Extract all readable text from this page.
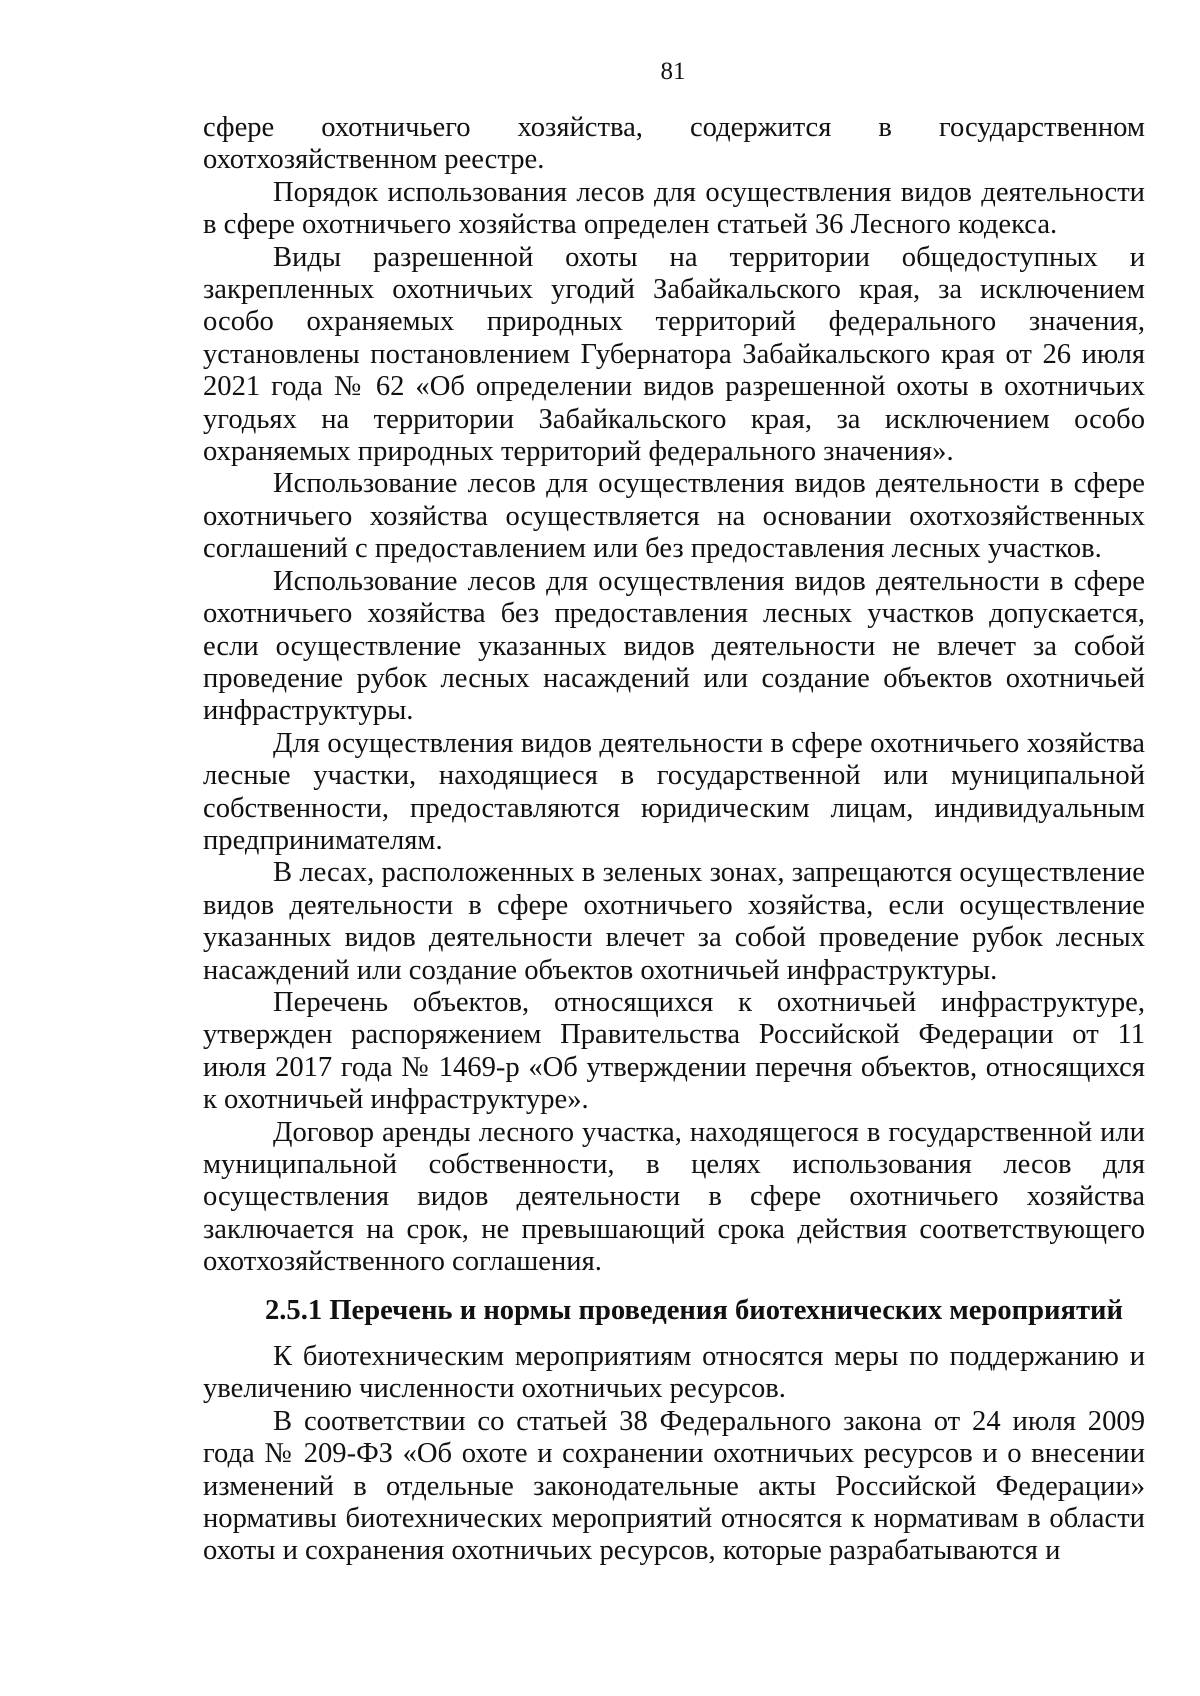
81

сфере охотничьего хозяйства, содержится в государственном охотхозяйственном реестре.

Порядок использования лесов для осуществления видов деятельности в сфере охотничьего хозяйства определен статьей 36 Лесного кодекса.

Виды разрешенной охоты на территории общедоступных и закрепленных охотничьих угодий Забайкальского края, за исключением особо охраняемых природных территорий федерального значения, установлены постановлением Губернатора Забайкальского края от 26 июля 2021 года № 62 «Об определении видов разрешенной охоты в охотничьих угодьях на территории Забайкальского края, за исключением особо охраняемых природных территорий федерального значения».

Использование лесов для осуществления видов деятельности в сфере охотничьего хозяйства осуществляется на основании охотхозяйственных соглашений с предоставлением или без предоставления лесных участков.

Использование лесов для осуществления видов деятельности в сфере охотничьего хозяйства без предоставления лесных участков допускается, если осуществление указанных видов деятельности не влечет за собой проведение рубок лесных насаждений или создание объектов охотничьей инфраструктуры.

Для осуществления видов деятельности в сфере охотничьего хозяйства лесные участки, находящиеся в государственной или муниципальной собственности, предоставляются юридическим лицам, индивидуальным предпринимателям.

В лесах, расположенных в зеленых зонах, запрещаются осуществление видов деятельности в сфере охотничьего хозяйства, если осуществление указанных видов деятельности влечет за собой проведение рубок лесных насаждений или создание объектов охотничьей инфраструктуры.

Перечень объектов, относящихся к охотничьей инфраструктуре, утвержден распоряжением Правительства Российской Федерации от 11 июля 2017 года № 1469-р «Об утверждении перечня объектов, относящихся к охотничьей инфраструктуре».

Договор аренды лесного участка, находящегося в государственной или муниципальной собственности, в целях использования лесов для осуществления видов деятельности в сфере охотничьего хозяйства заключается на срок, не превышающий срока действия соответствующего охотхозяйственного соглашения.

2.5.1 Перечень и нормы проведения биотехнических мероприятий

К биотехническим мероприятиям относятся меры по поддержанию и увеличению численности охотничьих ресурсов.

В соответствии со статьей 38 Федерального закона от 24 июля 2009 года № 209-ФЗ «Об охоте и сохранении охотничьих ресурсов и о внесении изменений в отдельные законодательные акты Российской Федерации» нормативы биотехнических мероприятий относятся к нормативам в области охоты и сохранения охотничьих ресурсов, которые разрабатываются и
